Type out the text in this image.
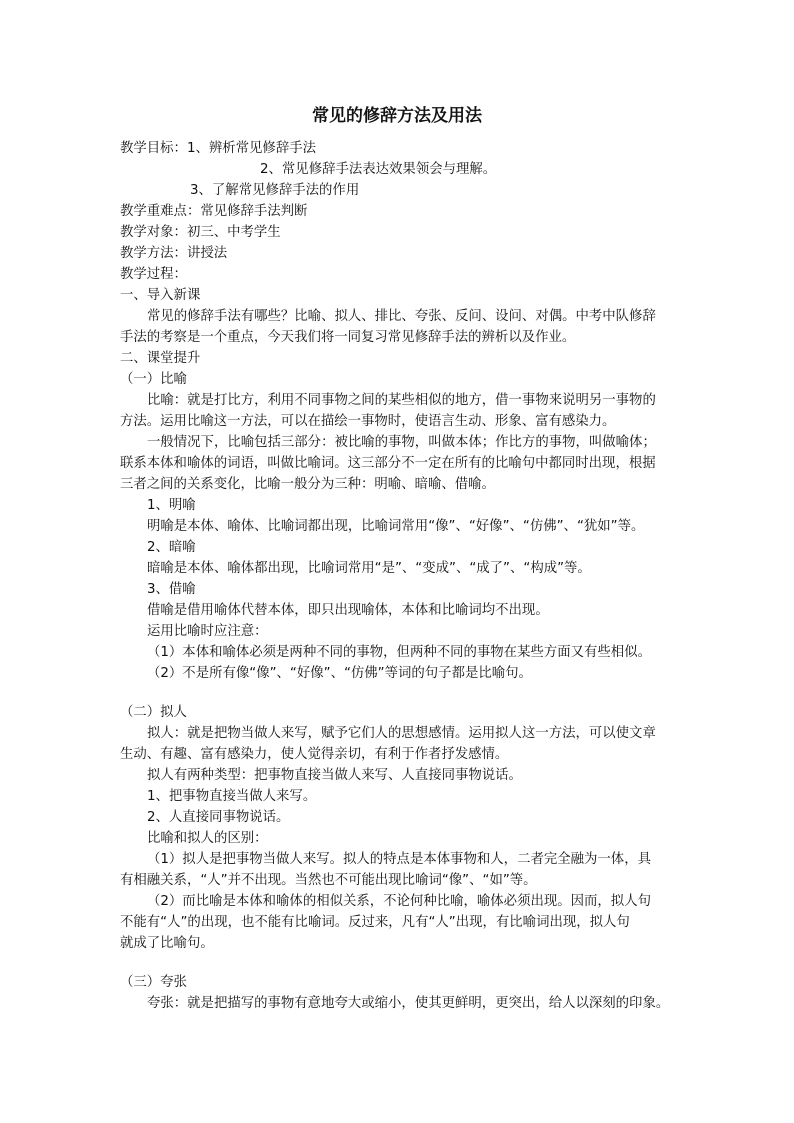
常见的修辞方法及用法
教学目标：1、辨析常见修辞手法
2、常见修辞手法表达效果领会与理解。
3、了解常见修辞手法的作用
教学重难点：常见修辞手法判断
教学对象：初三、中考学生
教学方法：讲授法
教学过程：
一、导入新课
常见的修辞手法有哪些？比喻、拟人、排比、夸张、反问、设问、对偶。中考中队修辞
手法的考察是一个重点，今天我们将一同复习常见修辞手法的辨析以及作业。
二、课堂提升
（一）比喻
比喻：就是打比方，利用不同事物之间的某些相似的地方，借一事物来说明另一事物的
方法。运用比喻这一方法，可以在描绘一事物时，使语言生动、形象、富有感染力。
一般情况下，比喻包括三部分：被比喻的事物，叫做本体；作比方的事物，叫做喻体；
联系本体和喻体的词语，叫做比喻词。这三部分不一定在所有的比喻句中都同时出现，根据
三者之间的关系变化，比喻一般分为三种：明喻、暗喻、借喻。
1、明喻
明喻是本体、喻体、比喻词都出现，比喻词常用“像”、“好像”、“仿佛”、“犹如”等。
2、暗喻
暗喻是本体、喻体都出现，比喻词常用“是”、“变成”、“成了”、“构成”等。
3、借喻
借喻是借用喻体代替本体，即只出现喻体，本体和比喻词均不出现。
运用比喻时应注意：
（1）本体和喻体必须是两种不同的事物，但两种不同的事物在某些方面又有些相似。
（2）不是所有像“像”、“好像”、“仿佛”等词的句子都是比喻句。
（二）拟人
拟人：就是把物当做人来写，赋予它们人的思想感情。运用拟人这一方法，可以使文章
生动、有趣、富有感染力，使人觉得亲切，有利于作者抒发感情。
拟人有两种类型：把事物直接当做人来写、人直接同事物说话。
1、把事物直接当做人来写。
2、人直接同事物说话。
比喻和拟人的区别：
（1）拟人是把事物当做人来写。拟人的特点是本体事物和人，二者完全融为一体，具
有相融关系，“人”并不出现。当然也不可能出现比喻词“像”、“如”等。
（2）而比喻是本体和喻体的相似关系，不论何种比喻，喻体必须出现。因而，拟人句
不能有“人”的出现，也不能有比喻词。反过来，凡有“人”出现，有比喻词出现，拟人句
就成了比喻句。
（三）夸张
夸张：就是把描写的事物有意地夸大或缩小，使其更鲜明，更突出，给人以深刻的印象。
